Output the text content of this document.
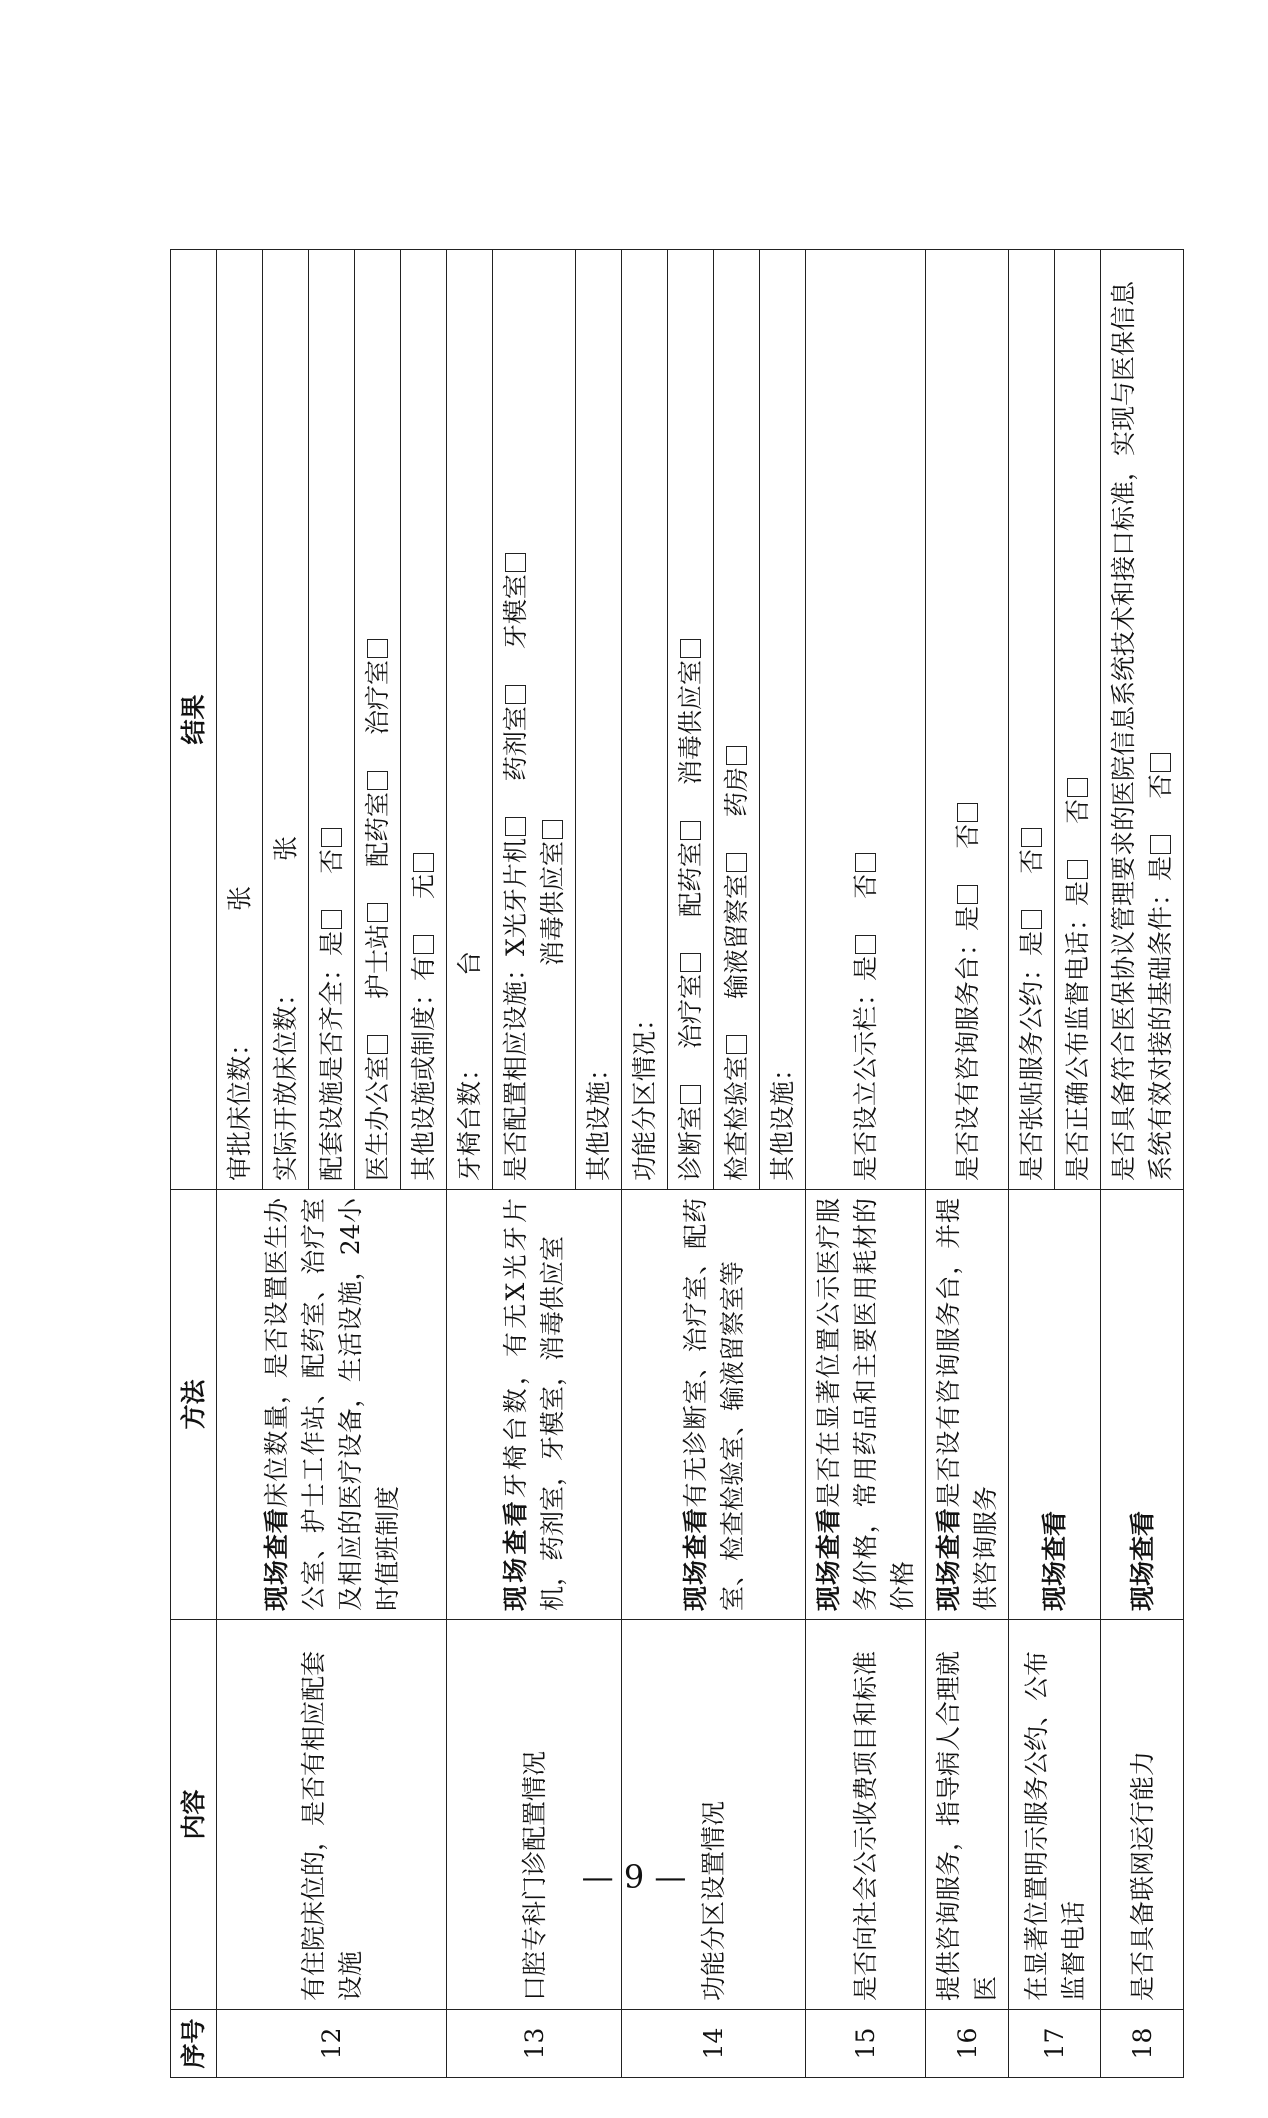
序号	内容	方法	结果
12	有住院床位的，是否有相应配套设施	现场查看床位数量，是否设置医生办公室、护士工作站、配药室、治疗室及相应的医疗设备，生活设施，24小时值班制度	审批床位数：张
			实际开放床位数：张
			配套设施是否齐全：是否
			医生办公室护士站配药室治疗室
			其他设施或制度：有无
13	口腔专科门诊配置情况	现场查看牙椅台数，有无X光牙片机，药剂室，牙模室，消毒供应室	牙椅台数：台
			是否配置相应设施：X光牙片机药剂室牙模室
消毒供应室
			其他设施：
14	功能分区设置情况	现场查看有无诊断室、治疗室、配药室、检查检验室、输液留察室等	功能分区情况：
			诊断室治疗室配药室消毒供应室
			检查检验室输液留察室药房
			其他设施：
15	是否向社会公示收费项目和标准	现场查看是否在显著位置公示医疗服务价格，常用药品和主要医用耗材的价格	是否设立公示栏：是否
16	提供咨询服务，指导病人合理就医	现场查看是否设有咨询服务台，并提供咨询服务	是否设有咨询服务台：是否
17	在显著位置明示服务公约、公布监督电话	现场查看	是否张贴服务公约：是否
			是否正确公布监督电话：是否
18	是否具备联网运行能力	现场查看	是否具备符合医保协议管理要求的医院信息系统技术和接口标准，实现与医保信息系统有效对接的基础条件：是否
— 9 —
